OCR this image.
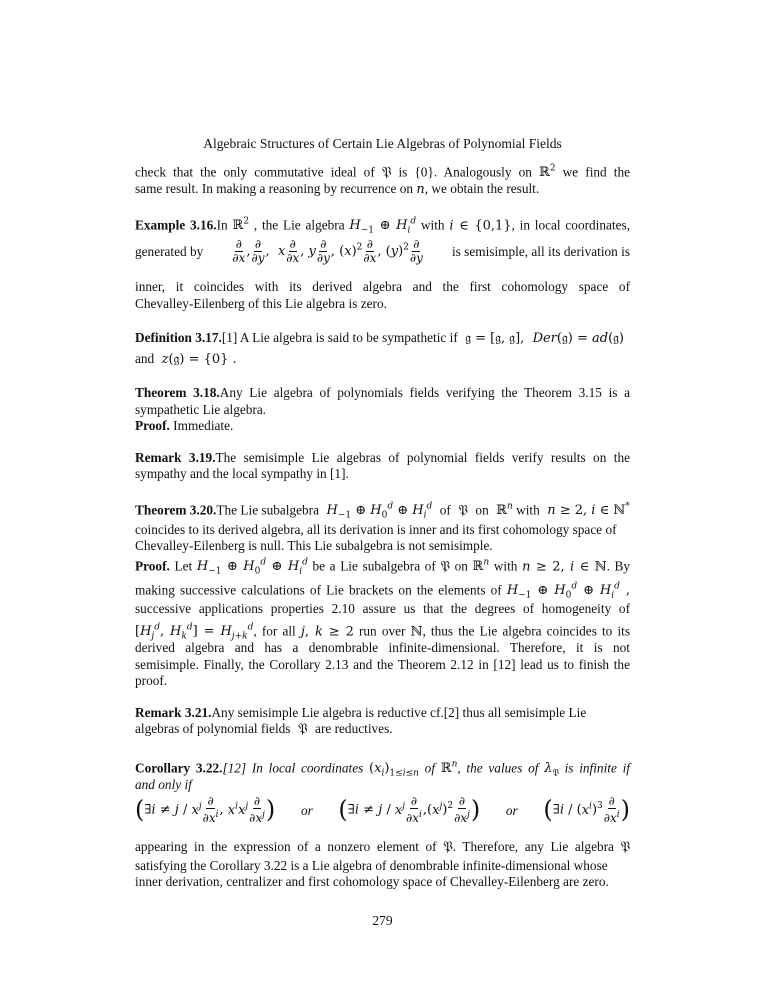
Algebraic Structures of Certain Lie Algebras of Polynomial Fields
check that the only commutative ideal of 𝔓 is {0}. Analogously on ℝ$^2$ we find the
same result. In making a reasoning by recurrence on n, we obtain the result.
Example 3.16.In ℝ$^2$ , the Lie algebra $H_{-1}$ ⊕ $H_i^d$ with i ∈ {0,1}, in local coordinates,
generated by $\frac{\partial}{\partial x}$ , $\frac{\partial}{\partial y}$ ,  x $\frac{\partial}{\partial x}$ , y $\frac{\partial}{\partial y}$ , $(x)^2 \frac{\partial}{\partial x}$ , $(y)^2 \frac{\partial}{\partial y}$ is semisimple, all its derivation is
inner, it coincides with its derived algebra and the first cohomology space of
Chevalley-Eilenberg of this Lie algebra is zero.
Definition 3.17.[1] A Lie algebra is said to be sympathetic if  𝔤 = [𝔤, 𝔤],  Der(𝔤) = ad(𝔤)
and z(𝔤) = {0} .
Theorem 3.18.Any Lie algebra of polynomials fields verifying the Theorem 3.15 is a
sympathetic Lie algebra.
Proof. Immediate.
Remark 3.19.The semisimple Lie algebras of polynomial fields verify results on the
sympathy and the local sympathy in [1].
Theorem 3.20.The Lie subalgebra $H_{-1}$ ⊕ $H_0^d$ ⊕ $H_i^d$ of  𝔓  on  ℝ$^n$ with n ≥ 2, i ∈ ℕ*
coincides to its derived algebra, all its derivation is inner and its first cohomology space of
Chevalley-Eilenberg is null. This Lie subalgebra is not semisimple.
Proof. Let $H_{-1}$ ⊕ $H_0^d$ ⊕ $H_i^d$ be a Lie subalgebra of 𝔓 on ℝ$^n$ with n ≥ 2, i ∈ ℕ. By
making successive calculations of Lie brackets on the elements of $H_{-1}$ ⊕ $H_0^d$ ⊕ $H_i^d$ ,
successive applications properties 2.10 assure us that the degrees of homogeneity of
[$H_j^d$, $H_k^d] = H_{j+k}^d$, for all j, k ≥ 2 run over ℕ, thus the Lie algebra coincides to its
derived algebra and has a denombrable infinite-dimensional. Therefore, it is not
semisimple. Finally, the Corollary 2.13 and the Theorem 2.12 in [12] lead us to finish the
proof.
Remark 3.21.Any semisimple Lie algebra is reductive cf.[2] thus all semisimple Lie
algebras of polynomial fields  𝔓  are reductives.
Corollary 3.22.[12] In local coordinates $(x_i)_{1\le i\le n}$ of ℝ$^n$, the values of $\lambda_𝔓$ is infinite if
and only if
(∃i ≠ j / $x^j \frac{\partial}{\partial x^i}$ , $x^ix^j \frac{\partial}{\partial x^j}$ ) or (∃i ≠ j / $x^j \frac{\partial}{\partial x^i} ,(x^j)^2 \frac{\partial}{\partial x^j}$ ) or (∃i / $(x^i)^3 \frac{\partial}{\partial x^i}$ )
appearing in the expression of a nonzero element of 𝔓. Therefore, any Lie algebra 𝔓
satisfying the Corollary 3.22 is a Lie algebra of denombrable infinite-dimensional whose
inner derivation, centralizer and first cohomology space of Chevalley-Eilenberg are zero.
279
